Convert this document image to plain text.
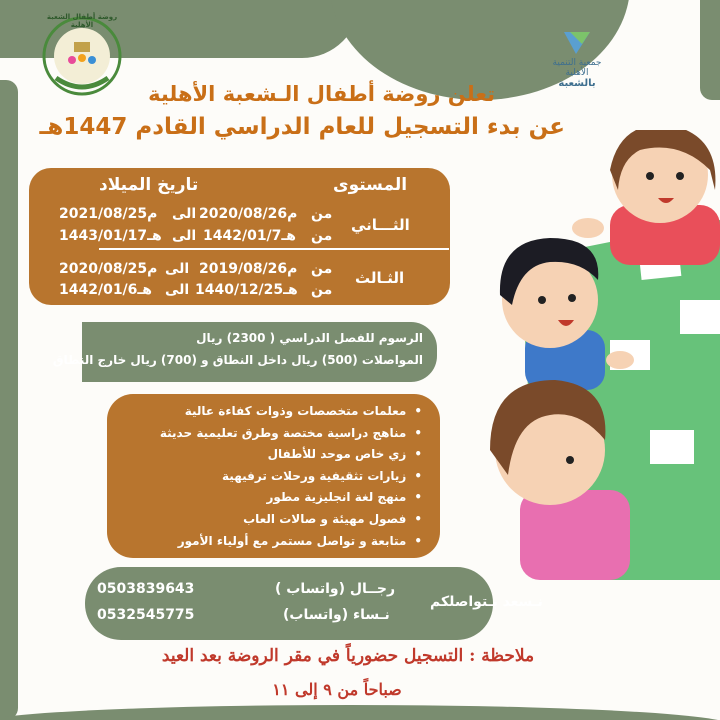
روضة أطفال الشعبة الأهلية
جمعية التنمية الأهلية
بالشعبة
تعلن روضة أطفال الـشعبة الأهلية
عن بدء التسجيل للعام الدراسي القادم 1447هـ
المستوى
تاريخ الميلاد
الثـــاني
من
2020/08/26م
الى
2021/08/25م
من
1442/01/7هـ
الى
1443/01/17هـ
الثـالث
من
2019/08/26م
الى
2020/08/25م
من
1440/12/25هـ
الى
1442/01/6هـ
الرسوم للفصل الدراسي ( 2300) ريال
المواصلات (500) ريال داخل النطاق و (700) ريال خارج النطاق
• معلمات متخصصات وذوات كفاءة عالية
• مناهج دراسية مختصة وطرق تعليمية حديثة
• زي خاص موحد للأطفال
• زيارات تثقيفية ورحلات ترفيهية
• منهج لغة انجليزية مطور
• فصول مهيئة و صالات العاب
• متابعة و تواصل مستمر مع أولياء الأمور
نـسعد بـتواصلكم
رجــال (واتساب )
0503839643
نـساء (واتساب)
0532545775
ملاحظة : التسجيل حضورياً في مقر الروضة بعد العيد
صباحاً من ٩ إلى ١١
